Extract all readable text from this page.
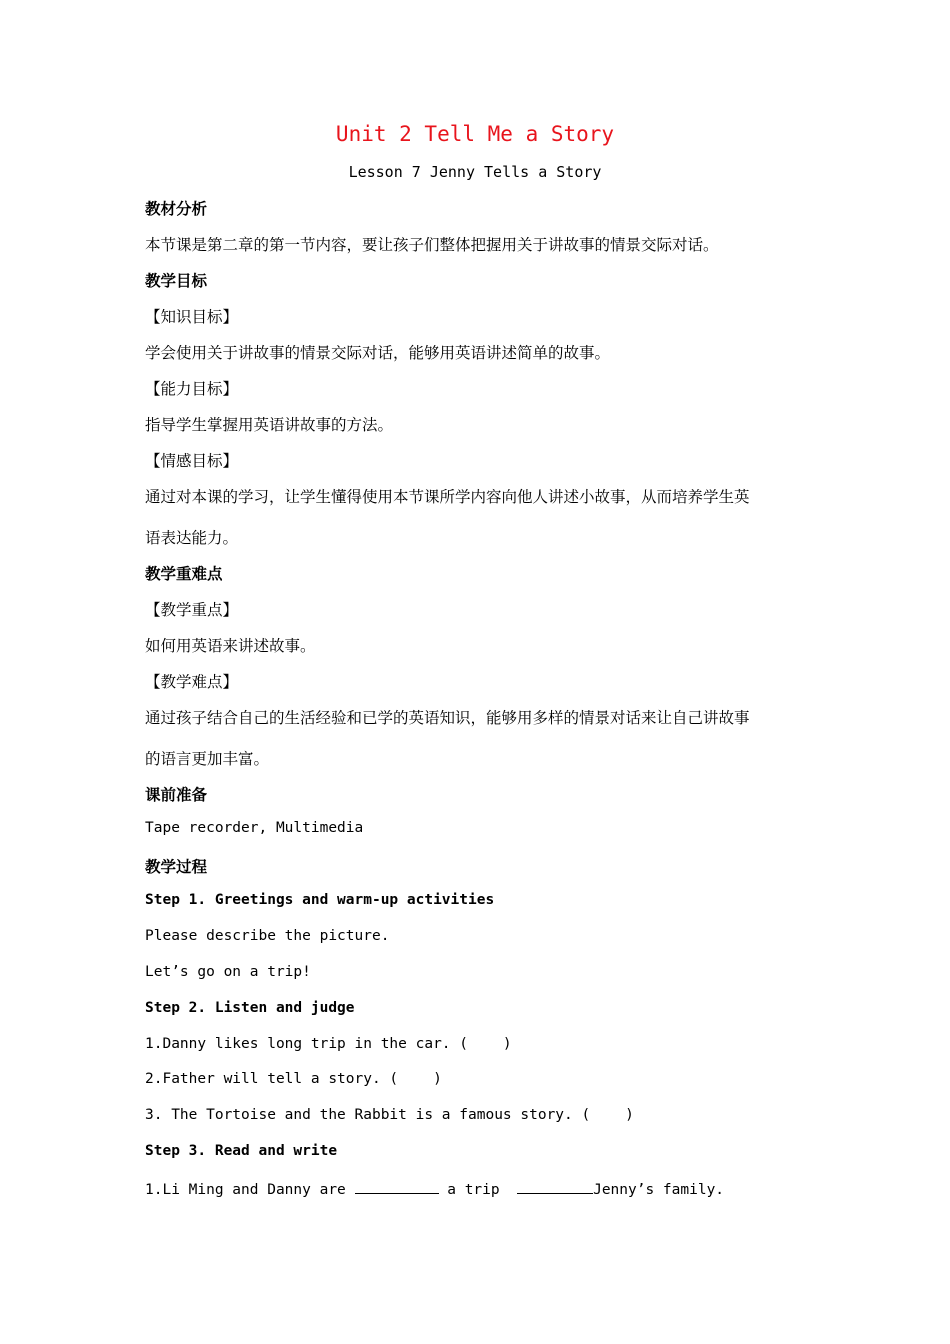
Unit 2 Tell Me a Story
Lesson 7 Jenny Tells a Story
教材分析
本节课是第二章的第一节内容，要让孩子们整体把握用关于讲故事的情景交际对话。
教学目标
【知识目标】
学会使用关于讲故事的情景交际对话，能够用英语讲述简单的故事。
【能力目标】
指导学生掌握用英语讲故事的方法。
【情感目标】
通过对本课的学习，让学生懂得使用本节课所学内容向他人讲述小故事，从而培养学生英
语表达能力。
教学重难点
【教学重点】
如何用英语来讲述故事。
【教学难点】
通过孩子结合自己的生活经验和已学的英语知识，能够用多样的情景对话来让自己讲故事
的语言更加丰富。
课前准备
Tape recorder, Multimedia
教学过程
Step 1. Greetings and warm-up activities
Please describe the picture.
Let’s go on a trip!
Step 2. Listen and judge
1.Danny likes long trip in the car. (    )
2.Father will tell a story. (    )
3. The Tortoise and the Rabbit is a famous story. (    )
Step 3. Read and write
1.Li Ming and Danny are	a trip	Jenny’s family.
